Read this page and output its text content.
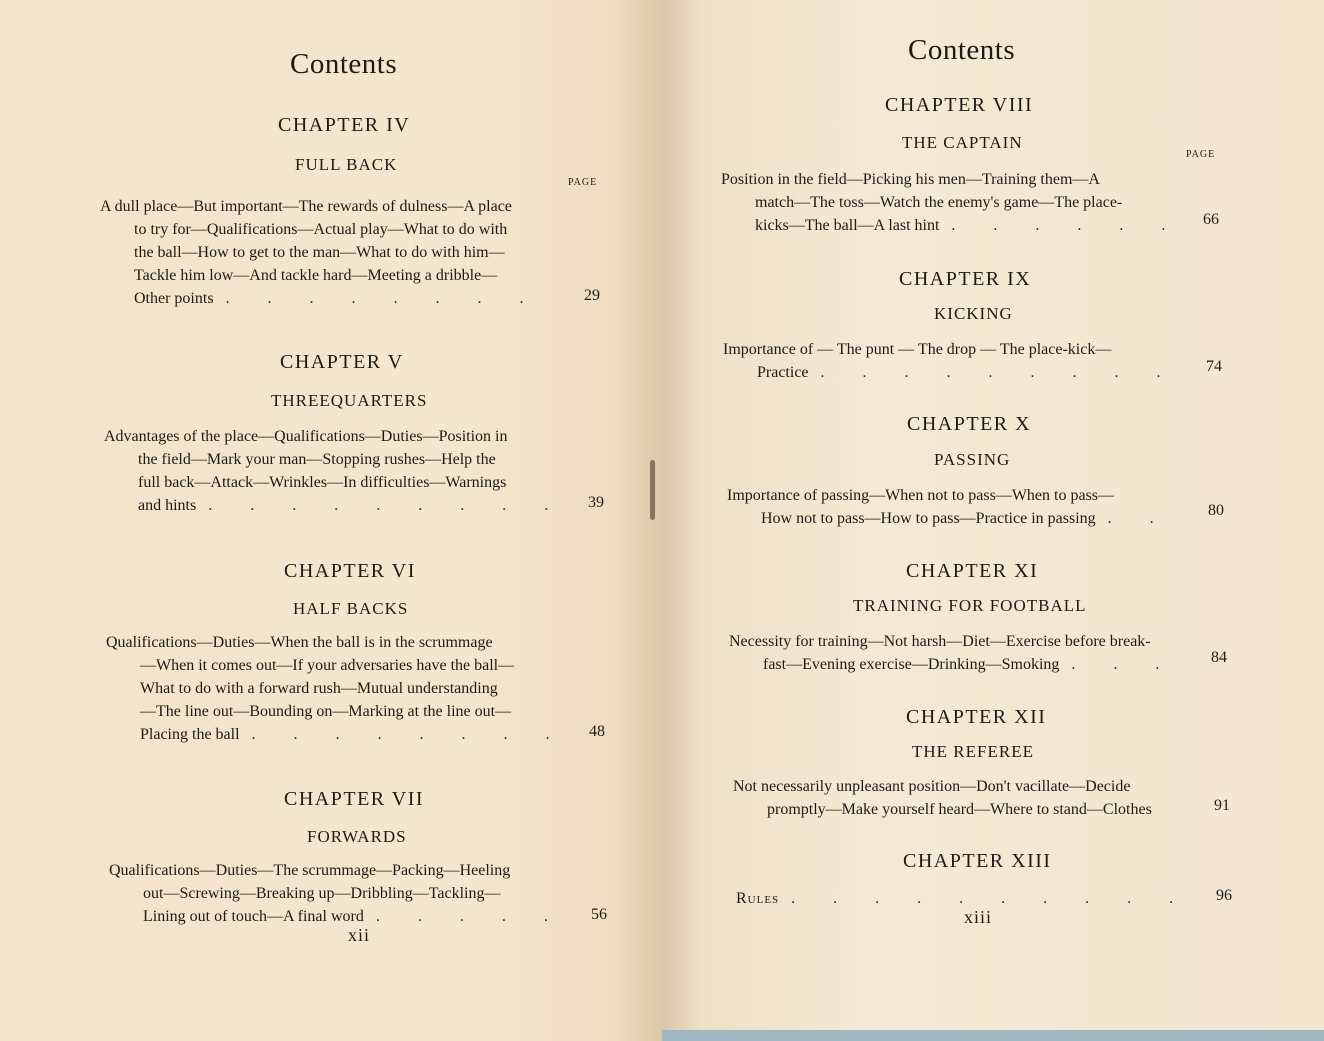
Contents
CHAPTER IV
FULL BACK
PAGE
A dull place—But important—The rewards of dulness—A place
to try for—Qualifications—Actual play—What to do with
the ball—How to get to the man—What to do with him—
Tackle him low—And tackle hard—Meeting a dribble—
Other points . . .	29
CHAPTER V
THREEQUARTERS
Advantages of the place—Qualifications—Duties—Position in
the field—Mark your man—Stopping rushes—Help the
full back—Attack—Wrinkles—In difficulties—Warnings
and hints . . .	39
CHAPTER VI
HALF BACKS
Qualifications—Duties—When the ball is in the scrummage
—When it comes out—If your adversaries have the ball—
What to do with a forward rush—Mutual understanding
—The line out—Bounding on—Marking at the line out—
Placing the ball . . .	48
CHAPTER VII
FORWARDS
Qualifications—Duties—The scrummage—Packing—Heeling
out—Screwing—Breaking up—Dribbling—Tackling—
Lining out of touch—A final word . . .	56
xii
Contents
CHAPTER VIII
THE CAPTAIN
PAGE
Position in the field—Picking his men—Training them—A
match—The toss—Watch the enemy's game—The place-
kicks—The ball—A last hint . . .	66
CHAPTER IX
KICKING
Importance of — The punt — The drop — The place-kick—
Practice . . .	74
CHAPTER X
PASSING
Importance of passing—When not to pass—When to pass—
How not to pass—How to pass—Practice in passing . . .	80
CHAPTER XI
TRAINING FOR FOOTBALL
Necessity for training—Not harsh—Diet—Exercise before break-
fast—Evening exercise—Drinking—Smoking . . .	84
CHAPTER XII
THE REFEREE
Not necessarily unpleasant position—Don't vacillate—Decide
promptly—Make yourself heard—Where to stand—Clothes	91
CHAPTER XIII
Rules . . .	96
xiii
